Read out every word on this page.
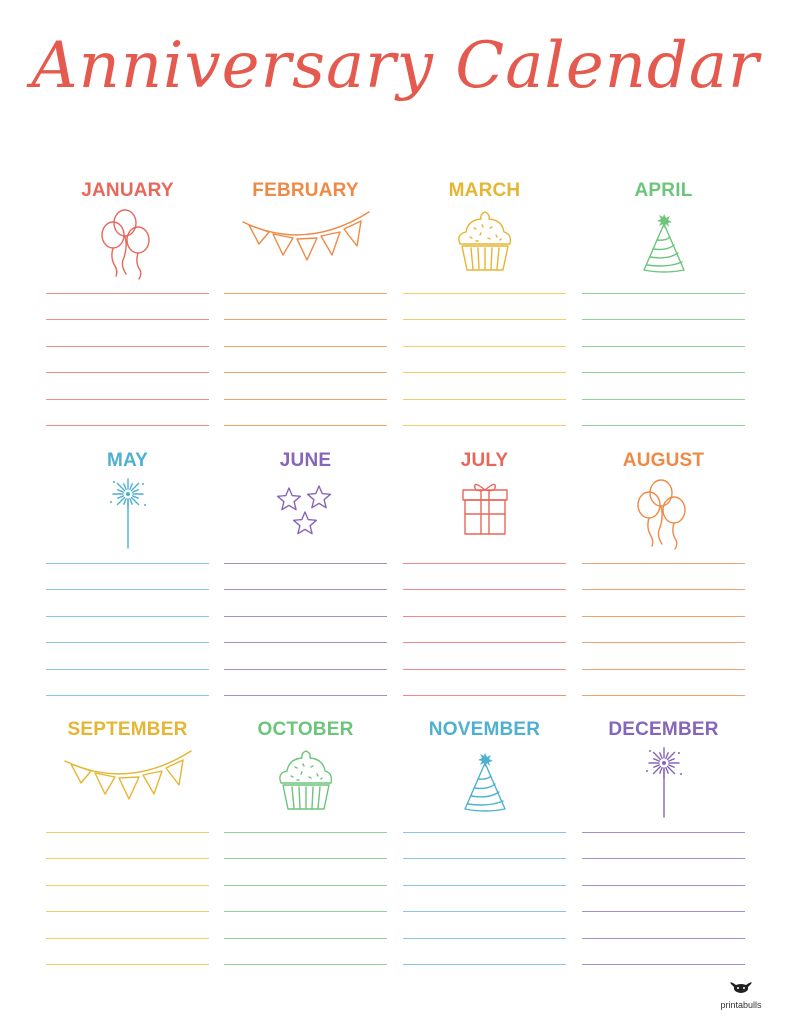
Anniversary Calendar
JANUARY	FEBRUARY	MARCH	APRIL
MAY	JUNE	JULY	AUGUST
SEPTEMBER	OCTOBER	NOVEMBER	DECEMBER
printabulls
